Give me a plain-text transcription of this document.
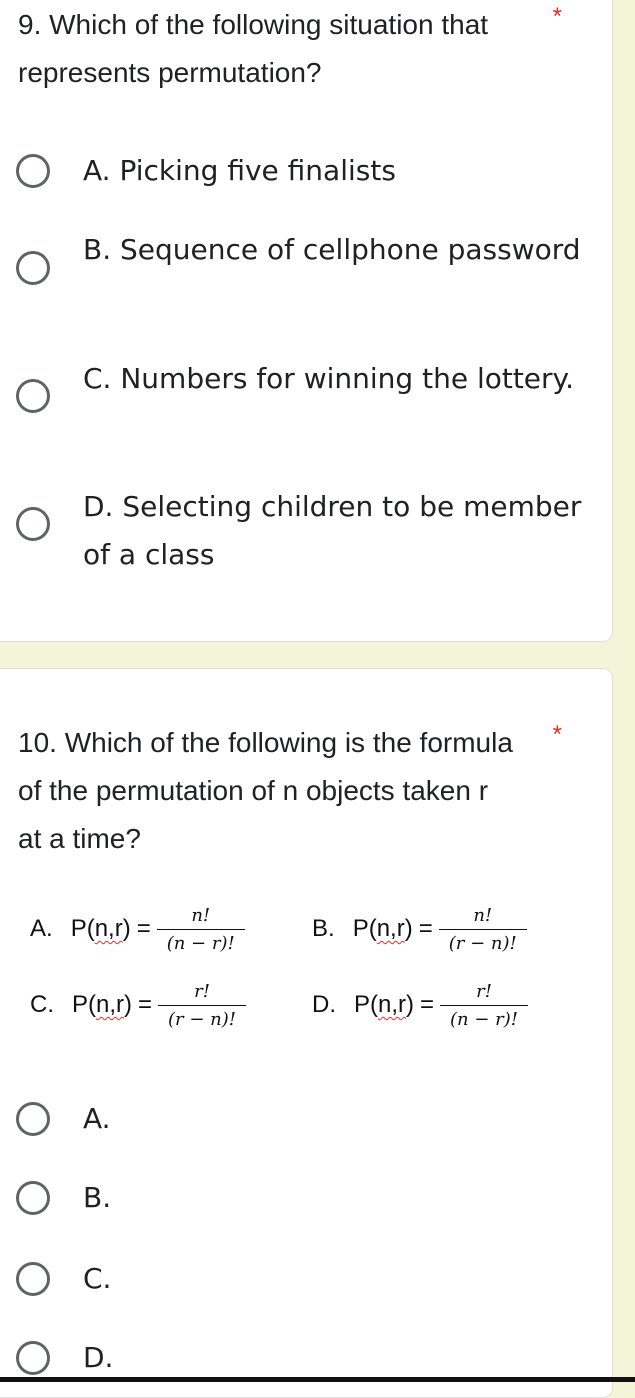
9. Which of the following situation that represents permutation?
*
A. Picking five finalists
B. Sequence of cellphone password
C. Numbers for winning the lottery.
D. Selecting children to be member of a class
10. Which of the following is the formula of the permutation of n objects taken r at a time?
*
A. $P(n,r) = \frac{n!}{(n - r)!}$	B. $P(n,r) = \frac{n!}{(r - n)!}$
C. $P(n,r) = \frac{r!}{(r - n)!}$	D. $P(n,r) = \frac{r!}{(n - r)!}$
A.
B.
C.
D.
